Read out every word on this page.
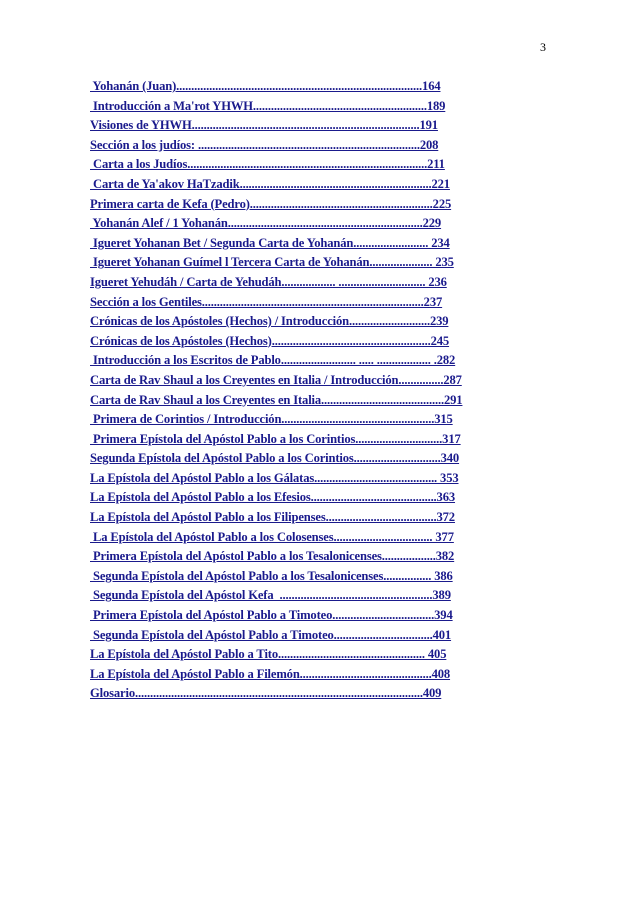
3
Yohanán (Juan)..................................................................................164
Introducción a Ma'rot YHWH..........................................................189
Visiones de YHWH............................................................................191
Sección a los judíos: ..........................................................................208
Carta a los Judíos................................................................................211
Carta de Ya'akov HaTzadik................................................................221
Primera carta de Kefa (Pedro).............................................................225
Yohanán Alef / 1 Yohanán.................................................................229
Igueret Yohanan Bet / Segunda Carta de Yohanán......................... 234
Igueret Yohanan Guímel l Tercera Carta de Yohanán..................... 235
Igueret Yehudáh / Carta de Yehudáh.................. ............................. 236
Sección a los Gentiles..........................................................................237
Crónicas de los Apóstoles (Hechos) / Introducción...........................239
Crónicas de los Apóstoles (Hechos).....................................................245
Introducción a los Escritos de Pablo......................... ..... .................. .282
Carta de Rav Shaul a los Creyentes en Italia / Introducción...............287
Carta de Rav Shaul a los Creyentes en Italia.........................................291
Primera de Corintios / Introducción...................................................315
Primera Epístola del Apóstol Pablo a los Corintios.............................317
Segunda Epístola del Apóstol Pablo a los Corintios.............................340
La Epístola del Apóstol Pablo a los Gálatas......................................... 353
La Epístola del Apóstol Pablo a los Efesios..........................................363
La Epístola del Apóstol Pablo a los Filipenses.....................................372
La Epístola del Apóstol Pablo a los Colosenses................................. 377
Primera Epístola del Apóstol Pablo a los Tesalonicenses..................382
Segunda Epístola del Apóstol Pablo a los Tesalonicenses................ 386
Segunda Epístola del Apóstol Kefa  ...................................................389
Primera Epístola del Apóstol Pablo a Timoteo..................................394
Segunda Epístola del Apóstol Pablo a Timoteo.................................401
La Epístola del Apóstol Pablo a Tito................................................. 405
La Epístola del Apóstol Pablo a Filemón............................................408
Glosario................................................................................................409
